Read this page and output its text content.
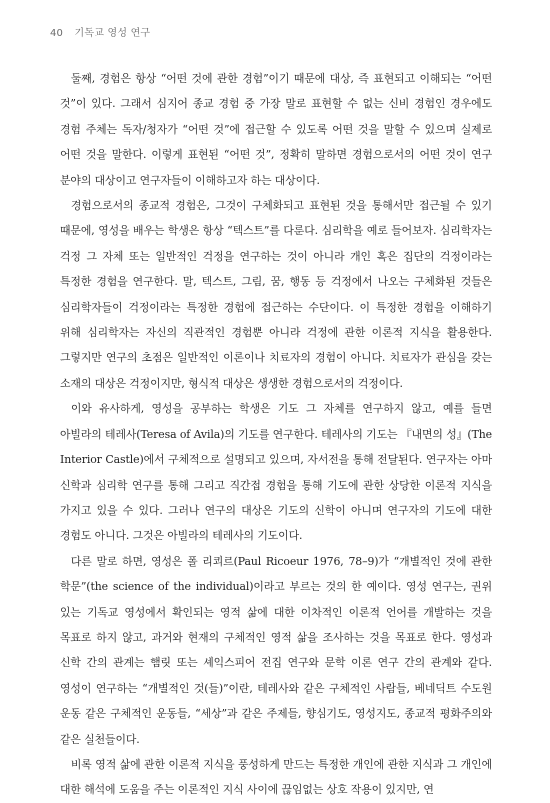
40 기독교 영성 연구

둘째, 경험은 항상 “어떤 것에 관한 경험”이기 때문에 대상, 즉 표현되고 이해되는 “어떤 것”이 있다. 그래서 심지어 종교 경험 중 가장 말로 표현할 수 없는 신비 경험인 경우에도 경험 주체는 독자/청자가 “어떤 것”에 접근할 수 있도록 어떤 것을 말할 수 있으며 실제로 어떤 것을 말한다. 이렇게 표현된 “어떤 것”, 정확히 말하면 경험으로서의 어떤 것이 연구 분야의 대상이고 연구자들이 이해하고자 하는 대상이다.

경험으로서의 종교적 경험은, 그것이 구체화되고 표현된 것을 통해서만 접근될 수 있기 때문에, 영성을 배우는 학생은 항상 “텍스트”를 다룬다. 심리학을 예로 들어보자. 심리학자는 걱정 그 자체 또는 일반적인 걱정을 연구하는 것이 아니라 개인 혹은 집단의 걱정이라는 특정한 경험을 연구한다. 말, 텍스트, 그림, 꿈, 행동 등 걱정에서 나오는 구체화된 것들은 심리학자들이 걱정이라는 특정한 경험에 접근하는 수단이다. 이 특정한 경험을 이해하기 위해 심리학자는 자신의 직관적인 경험뿐 아니라 걱정에 관한 이론적 지식을 활용한다. 그렇지만 연구의 초점은 일반적인 이론이나 치료자의 경험이 아니다. 치료자가 관심을 갖는 소재의 대상은 걱정이지만, 형식적 대상은 생생한 경험으로서의 걱정이다.

이와 유사하게, 영성을 공부하는 학생은 기도 그 자체를 연구하지 않고, 예를 들면 아빌라의 테레사(Teresa of Avila)의 기도를 연구한다. 테레사의 기도는 『내면의 성』(The Interior Castle)에서 구체적으로 설명되고 있으며, 자서전을 통해 전달된다. 연구자는 아마 신학과 심리학 연구를 통해 그리고 직간접 경험을 통해 기도에 관한 상당한 이론적 지식을 가지고 있을 수 있다. 그러나 연구의 대상은 기도의 신학이 아니며 연구자의 기도에 대한 경험도 아니다. 그것은 아빌라의 테레사의 기도이다.

다른 말로 하면, 영성은 폴 리쾨르(Paul Ricoeur 1976, 78–9)가 “개별적인 것에 관한 학문”(the science of the individual)이라고 부르는 것의 한 예이다. 영성 연구는, 권위 있는 기독교 영성에서 확인되는 영적 삶에 대한 이차적인 이론적 언어를 개발하는 것을 목표로 하지 않고, 과거와 현재의 구체적인 영적 삶을 조사하는 것을 목표로 한다. 영성과 신학 간의 관계는 햄릿 또는 셰익스피어 전집 연구와 문학 이론 연구 간의 관계와 같다. 영성이 연구하는 “개별적인 것(들)”이란, 테레사와 같은 구체적인 사람들, 베네딕트 수도원 운동 같은 구체적인 운동들, “세상”과 같은 주제들, 향심기도, 영성지도, 종교적 평화주의와 같은 실천들이다.

비록 영적 삶에 관한 이론적 지식을 풍성하게 만드는 특정한 개인에 관한 지식과 그 개인에 대한 해석에 도움을 주는 이론적인 지식 사이에 끊임없는 상호 작용이 있지만, 연
